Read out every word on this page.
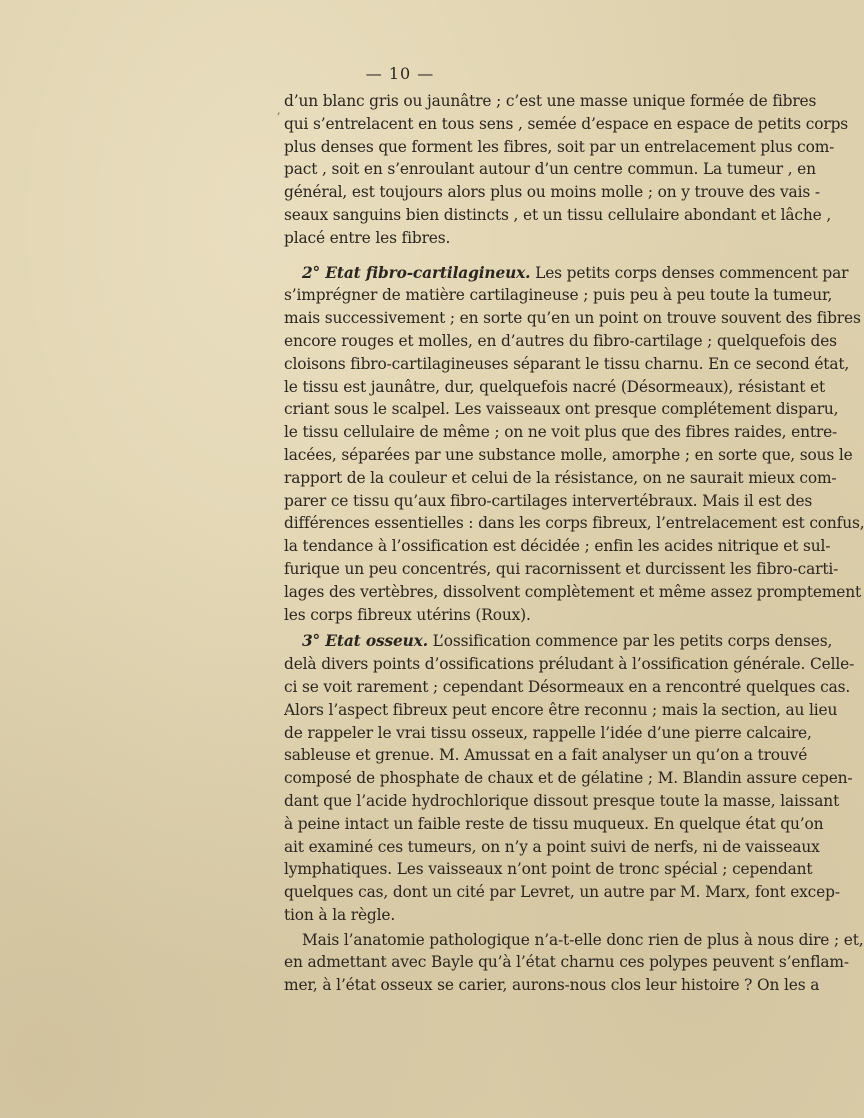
— 10 —
,
d’un blanc gris ou jaunâtre ; c’est une masse unique formée de fibres
qui s’entrelacent en tous sens , semée d’espace en espace de petits corps
plus denses que forment les fibres, soit par un entrelacement plus com-
pact , soit en s’enroulant autour d’un centre commun. La tumeur , en
général, est toujours alors plus ou moins molle ; on y trouve des vais -
seaux sanguins bien distincts , et un tissu cellulaire abondant et lâche ,
placé entre les fibres.
2° Etat fibro-cartilagineux. Les petits corps denses commencent par
s’imprégner de matière cartilagineuse ; puis peu à peu toute la tumeur,
mais successivement ; en sorte qu’en un point on trouve souvent des fibres
encore rouges et molles, en d’autres du fibro-cartilage ; quelquefois des
cloisons fibro-cartilagineuses séparant le tissu charnu. En ce second état,
le tissu est jaunâtre, dur, quelquefois nacré (Désormeaux), résistant et
criant sous le scalpel. Les vaisseaux ont presque complétement disparu,
le tissu cellulaire de même ; on ne voit plus que des fibres raides, entre-
lacées, séparées par une substance molle, amorphe ; en sorte que, sous le
rapport de la couleur et celui de la résistance, on ne saurait mieux com-
parer ce tissu qu’aux fibro-cartilages intervertébraux. Mais il est des
différences essentielles : dans les corps fibreux, l’entrelacement est confus,
la tendance à l’ossification est décidée ; enfin les acides nitrique et sul-
furique un peu concentrés, qui racornissent et durcissent les fibro-carti-
lages des vertèbres, dissolvent complètement et même assez promptement
les corps fibreux utérins (Roux).
3° Etat osseux. L’ossification commence par les petits corps denses,
delà divers points d’ossifications préludant à l’ossification générale. Celle-
ci se voit rarement ; cependant Désormeaux en a rencontré quelques cas.
Alors l’aspect fibreux peut encore être reconnu ; mais la section, au lieu
de rappeler le vrai tissu osseux, rappelle l’idée d’une pierre calcaire,
sableuse et grenue. M. Amussat en a fait analyser un qu’on a trouvé
composé de phosphate de chaux et de gélatine ; M. Blandin assure cepen-
dant que l’acide hydrochlorique dissout presque toute la masse, laissant
à peine intact un faible reste de tissu muqueux. En quelque état qu’on
ait examiné ces tumeurs, on n’y a point suivi de nerfs, ni de vaisseaux
lymphatiques. Les vaisseaux n’ont point de tronc spécial ; cependant
quelques cas, dont un cité par Levret, un autre par M. Marx, font excep-
tion à la règle.
Mais l’anatomie pathologique n’a-t-elle donc rien de plus à nous dire ; et,
en admettant avec Bayle qu’à l’état charnu ces polypes peuvent s’enflam-
mer, à l’état osseux se carier, aurons-nous clos leur histoire ? On les a
